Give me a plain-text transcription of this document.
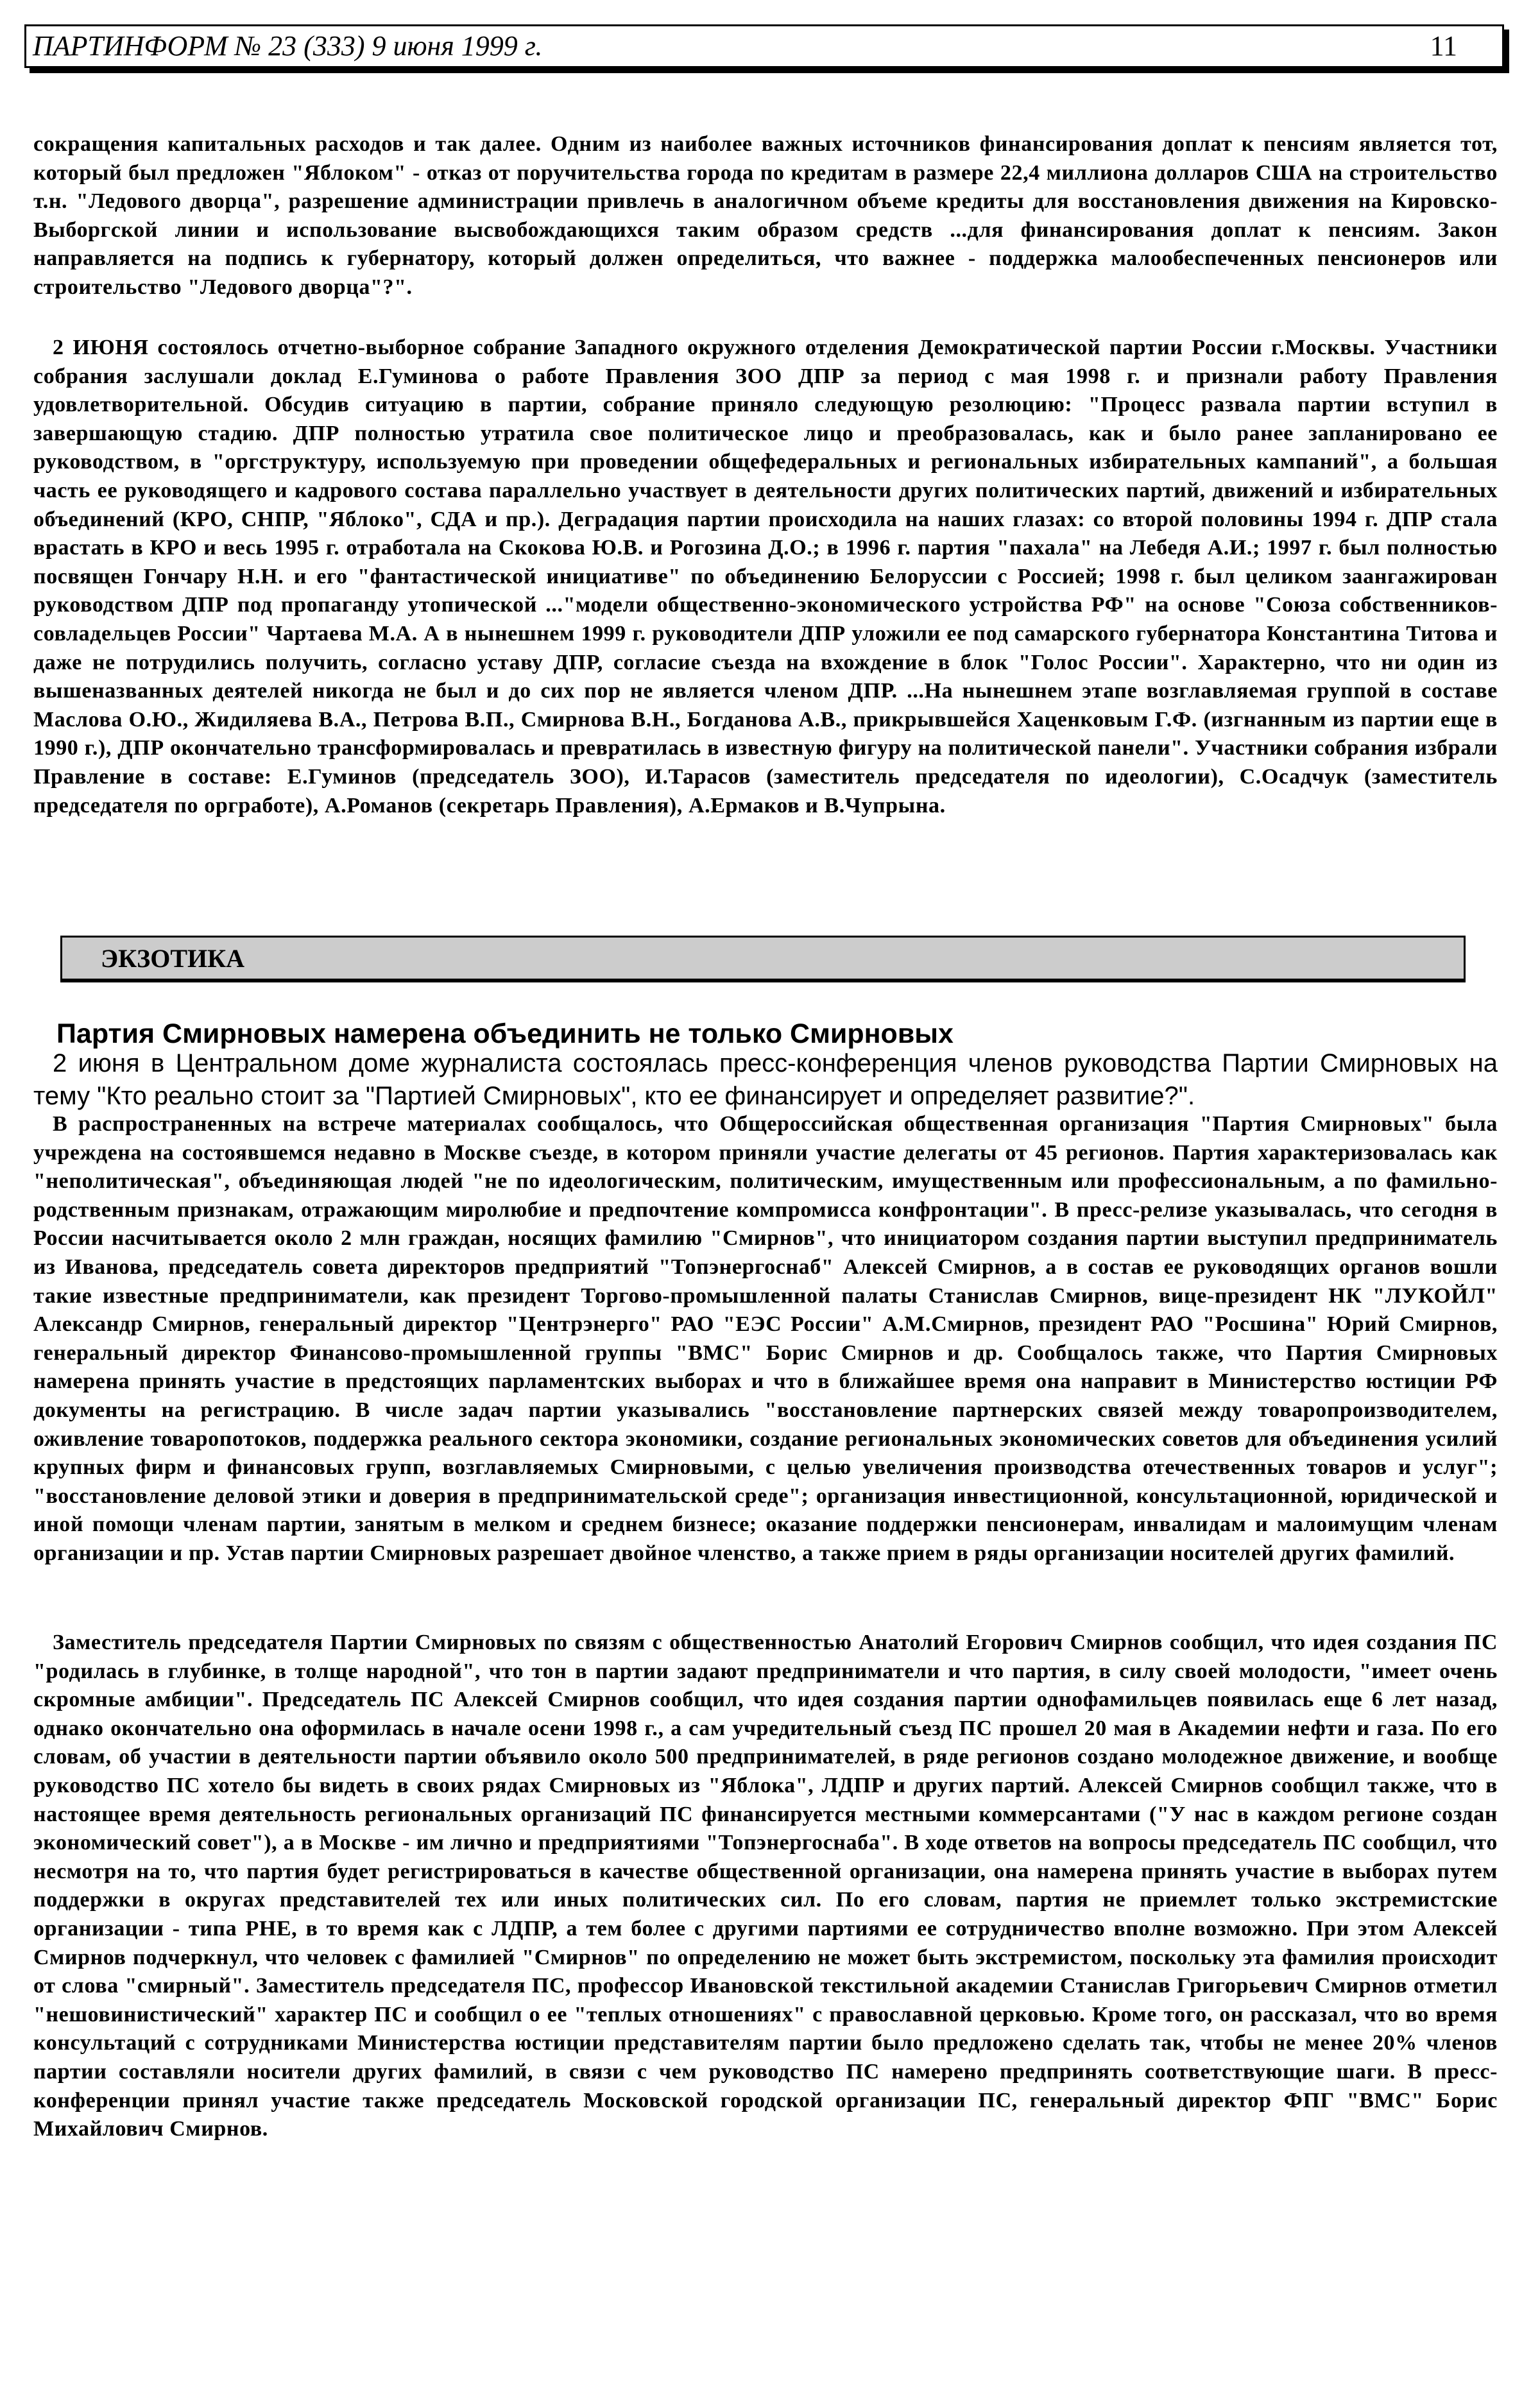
ПАРТИНФОРМ № 23 (333) 9 июня 1999 г.	11

сокращения капитальных расходов и так далее. Одним из наиболее важных источников финансирования доплат к пенсиям является тот, который был предложен "Яблоком" - отказ от поручительства города по кредитам в размере 22,4 миллиона долларов США на строительство т.н. "Ледового дворца", разрешение администрации привлечь в аналогичном объеме кредиты для восстановления движения на Кировско-Выборгской линии и использование высвобождающихся таким образом средств ...для финансирования доплат к пенсиям. Закон направляется на подпись к губернатору, который должен определиться, что важнее - поддержка малообеспеченных пенсионеров или строительство "Ледового дворца"?".

2 ИЮНЯ состоялось отчетно-выборное собрание Западного окружного отделения Демократической партии России г.Москвы. Участники собрания заслушали доклад Е.Гуминова о работе Правления ЗОО ДПР за период с мая 1998 г. и признали работу Правления удовлетворительной. Обсудив ситуацию в партии, собрание приняло следующую резолюцию: "Процесс развала партии вступил в завершающую стадию. ДПР полностью утратила свое политическое лицо и преобразовалась, как и было ранее запланировано ее руководством, в "оргструктуру, используемую при проведении общефедеральных и региональных избирательных кампаний", а большая часть ее руководящего и кадрового состава параллельно участвует в деятельности других политических партий, движений и избирательных объединений (КРО, СНПР, "Яблоко", СДА и пр.). Деградация партии происходила на наших глазах: со второй половины 1994 г. ДПР стала врастать в КРО и весь 1995 г. отработала на Скокова Ю.В. и Рогозина Д.О.; в 1996 г. партия "пахала" на Лебедя А.И.; 1997 г. был полностью посвящен Гончару Н.Н. и его "фантастической инициативе" по объединению Белоруссии с Россией; 1998 г. был целиком заангажирован руководством ДПР под пропаганду утопической ..."модели общественно-экономического устройства РФ" на основе "Союза собственников-совладельцев России" Чартаева М.А. А в нынешнем 1999 г. руководители ДПР уложили ее под самарского губернатора Константина Титова и даже не потрудились получить, согласно уставу ДПР, согласие съезда на вхождение в блок "Голос России". Характерно, что ни один из вышеназванных деятелей никогда не был и до сих пор не является членом ДПР. ...На нынешнем этапе возглавляемая группой в составе Маслова О.Ю., Жидиляева В.А., Петрова В.П., Смирнова В.Н., Богданова А.В., прикрывшейся Хаценковым Г.Ф. (изгнанным из партии еще в 1990 г.), ДПР окончательно трансформировалась и превратилась в известную фигуру на политической панели". Участники собрания избрали Правление в составе: Е.Гуминов (председатель ЗОО), И.Тарасов (заместитель председателя по идеологии), С.Осадчук (заместитель председателя по оргработе), А.Романов (секретарь Правления), А.Ермаков и В.Чупрына.

ЭКЗОТИКА
Партия Смирновых намерена объединить не только Смирновых

2 июня в Центральном доме журналиста состоялась пресс-конференция членов руководства Партии Смирновых на тему "Кто реально стоит за "Партией Смирновых", кто ее финансирует и определяет развитие?".

В распространенных на встрече материалах сообщалось, что Общероссийская общественная организация "Партия Смирновых" была учреждена на состоявшемся недавно в Москве съезде, в котором приняли участие делегаты от 45 регионов. Партия характеризовалась как "неполитическая", объединяющая людей "не по идеологическим, политическим, имущественным или профессиональным, а по фамильно-родственным признакам, отражающим миролюбие и предпочтение компромисса конфронтации". В пресс-релизе указывалась, что сегодня в России насчитывается около 2 млн граждан, носящих фамилию "Смирнов", что инициатором создания партии выступил предприниматель из Иванова, председатель совета директоров предприятий "Топэнергоснаб" Алексей Смирнов, а в состав ее руководящих органов вошли такие известные предприниматели, как президент Торгово-промышленной палаты Станислав Смирнов, вице-президент НК "ЛУКОЙЛ" Александр Смирнов, генеральный директор "Центрэнерго" РАО "ЕЭС России" А.М.Смирнов, президент РАО "Росшина" Юрий Смирнов, генеральный директор Финансово-промышленной группы "ВМС" Борис Смирнов и др. Сообщалось также, что Партия Смирновых намерена принять участие в предстоящих парламентских выборах и что в ближайшее время она направит в Министерство юстиции РФ документы на регистрацию. В числе задач партии указывались "восстановление партнерских связей между товаропроизводителем, оживление товаропотоков, поддержка реального сектора экономики, создание региональных экономических советов для объединения усилий крупных фирм и финансовых групп, возглавляемых Смирновыми, с целью увеличения производства отечественных товаров и услуг"; "восстановление деловой этики и доверия в предпринимательской среде"; организация инвестиционной, консультационной, юридической и иной помощи членам партии, занятым в мелком и среднем бизнесе; оказание поддержки пенсионерам, инвалидам и малоимущим членам организации и пр. Устав партии Смирновых разрешает двойное членство, а также прием в ряды организации носителей других фамилий.

Заместитель председателя Партии Смирновых по связям с общественностью Анатолий Егорович Смирнов сообщил, что идея создания ПС "родилась в глубинке, в толще народной", что тон в партии задают предприниматели и что партия, в силу своей молодости, "имеет очень скромные амбиции". Председатель ПС Алексей Смирнов сообщил, что идея создания партии однофамильцев появилась еще 6 лет назад, однако окончательно она оформилась в начале осени 1998 г., а сам учредительный съезд ПС прошел 20 мая в Академии нефти и газа. По его словам, об участии в деятельности партии объявило около 500 предпринимателей, в ряде регионов создано молодежное движение, и вообще руководство ПС хотело бы видеть в своих рядах Смирновых из "Яблока", ЛДПР и других партий. Алексей Смирнов сообщил также, что в настоящее время деятельность региональных организаций ПС финансируется местными коммерсантами ("У нас в каждом регионе создан экономический совет"), а в Москве - им лично и предприятиями "Топэнергоснаба". В ходе ответов на вопросы председатель ПС сообщил, что несмотря на то, что партия будет регистрироваться в качестве общественной организации, она намерена принять участие в выборах путем поддержки в округах представителей тех или иных политических сил. По его словам, партия не приемлет только экстремистские организации - типа РНЕ, в то время как с ЛДПР, а тем более с другими партиями ее сотрудничество вполне возможно. При этом Алексей Смирнов подчеркнул, что человек с фамилией "Смирнов" по определению не может быть экстремистом, поскольку эта фамилия происходит от слова "смирный". Заместитель председателя ПС, профессор Ивановской текстильной академии Станислав Григорьевич Смирнов отметил "нешовинистический" характер ПС и сообщил о ее "теплых отношениях" с православной церковью. Кроме того, он рассказал, что во время консультаций с сотрудниками Министерства юстиции представителям партии было предложено сделать так, чтобы не менее 20% членов партии составляли носители других фамилий, в связи с чем руководство ПС намерено предпринять соответствующие шаги. В пресс-конференции принял участие также председатель Московской городской организации ПС, генеральный директор ФПГ "ВМС" Борис Михайлович Смирнов.
